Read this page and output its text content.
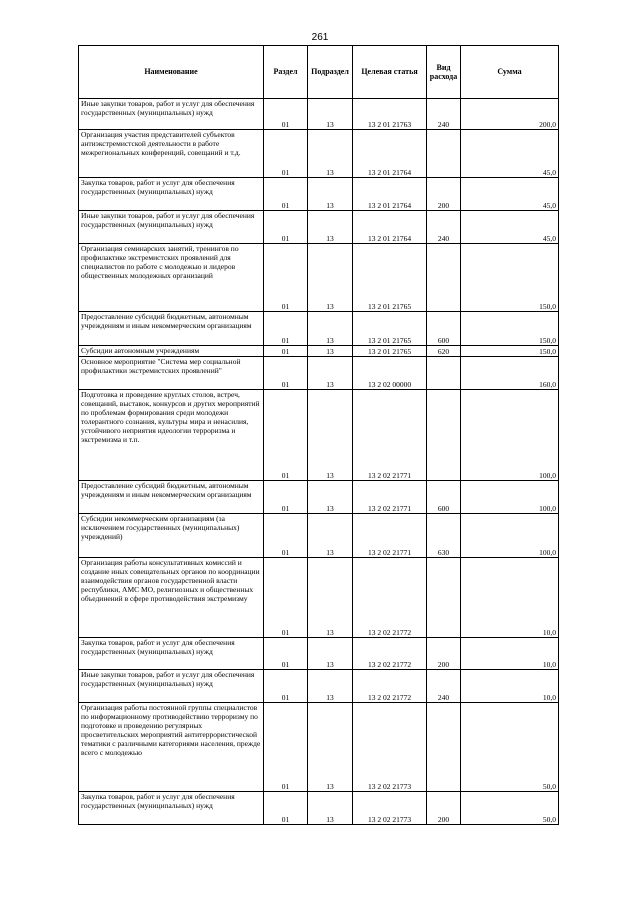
261
Наименование	Раздел	Подраздел	Целевая статья	Вид расхода	Сумма
Иные закупки товаров, работ и услуг для обеспечения государственных (муниципальных) нужд	01	13	13 2 01 21763	240	200,0
Организация участия представителей субъектов антиэкстремистской деятельности в работе межрегиональных конференций, совещаний и т.д.	01	13	13 2 01 21764		45,0
Закупка товаров, работ и услуг для обеспечения государственных (муниципальных) нужд	01	13	13 2 01 21764	200	45,0
Иные закупки товаров, работ и услуг для обеспечения государственных (муниципальных) нужд	01	13	13 2 01 21764	240	45,0
Организация семинарских занятий, тренингов по профилактике экстремистских проявлений для специалистов по работе с молодежью и лидеров общественных молодежных организаций	01	13	13 2 01 21765		150,0
Предоставление субсидий бюджетным, автономным учреждениям и иным некоммерческим организациям	01	13	13 2 01 21765	600	150,0
Субсидии автономным учреждениям	01	13	13 2 01 21765	620	150,0
Основное мероприятие "Система мер социальной профилактики экстремистских проявлений"	01	13	13 2 02 00000		160,0
Подготовка и проведение круглых столов, встреч, совещаний, выставок, конкурсов и других мероприятий по проблемам формирования среди молодежи толерантного сознания, культуры мира и ненасилия, устойчивого неприятия идеологии терроризма и экстремизма и т.п.	01	13	13 2 02 21771		100,0
Предоставление субсидий бюджетным, автономным учреждениям и иным некоммерческим организациям	01	13	13 2 02 21771	600	100,0
Субсидии некоммерческим организациям (за исключением государственных (муниципальных) учреждений)	01	13	13 2 02 21771	630	100,0
Организация работы консультативных комиссий и создание иных совещательных органов по координации взаимодействия органов государственной власти республики, АМС МО, религиозных и общественных объединений в сфере противодействия экстремизму	01	13	13 2 02 21772		10,0
Закупка товаров, работ и услуг для обеспечения государственных (муниципальных) нужд	01	13	13 2 02 21772	200	10,0
Иные закупки товаров, работ и услуг для обеспечения государственных (муниципальных) нужд	01	13	13 2 02 21772	240	10,0
Организация работы постоянной группы специалистов по информационному противодействию терроризму по подготовке и проведению регулярных просветительских мероприятий антитеррористической тематики с различными категориями населения, прежде всего с молодежью	01	13	13 2 02 21773		50,0
Закупка товаров, работ и услуг для обеспечения государственных (муниципальных) нужд	01	13	13 2 02 21773	200	50,0
